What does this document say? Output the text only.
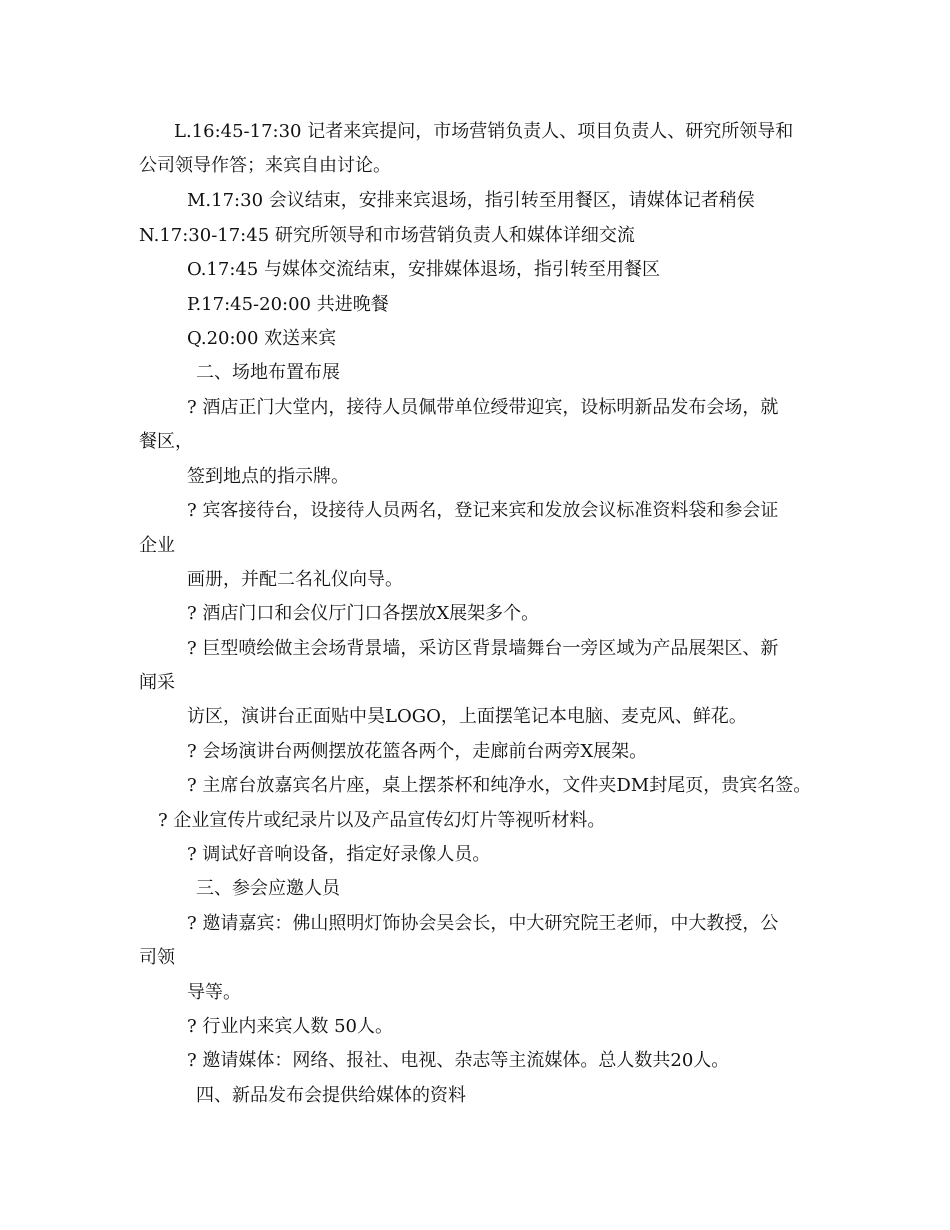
L.16:45-17:30 记者来宾提问，市场营销负责人、项目负责人、研究所领导和
公司领导作答；来宾自由讨论。
M.17:30 会议结束，安排来宾退场，指引转至用餐区，请媒体记者稍侯
N.17:30-17:45 研究所领导和市场营销负责人和媒体详细交流
O.17:45 与媒体交流结束，安排媒体退场，指引转至用餐区
P.17:45-20:00 共进晚餐
Q.20:00 欢送来宾
二、场地布置布展
? 酒店正门大堂内，接待人员佩带单位绶带迎宾，设标明新品发布会场，就
餐区，
签到地点的指示牌。
? 宾客接待台，设接待人员两名，登记来宾和发放会议标准资料袋和参会证
企业
画册，并配二名礼仪向导。
? 酒店门口和会仪厅门口各摆放X展架多个。
? 巨型喷绘做主会场背景墙，采访区背景墙舞台一旁区域为产品展架区、新
闻采
访区，演讲台正面贴中昊LOGO，上面摆笔记本电脑、麦克风、鲜花。
? 会场演讲台两侧摆放花篮各两个，走廊前台两旁X展架。
? 主席台放嘉宾名片座，桌上摆茶杯和纯净水，文件夹DM封尾页，贵宾名签。
? 企业宣传片或纪录片以及产品宣传幻灯片等视听材料。
? 调试好音响设备，指定好录像人员。
三、参会应邀人员
? 邀请嘉宾：佛山照明灯饰协会吴会长，中大研究院王老师，中大教授，公
司领
导等。
? 行业内来宾人数 50人。
? 邀请媒体：网络、报社、电视、杂志等主流媒体。总人数共20人。
四、新品发布会提供给媒体的资料
